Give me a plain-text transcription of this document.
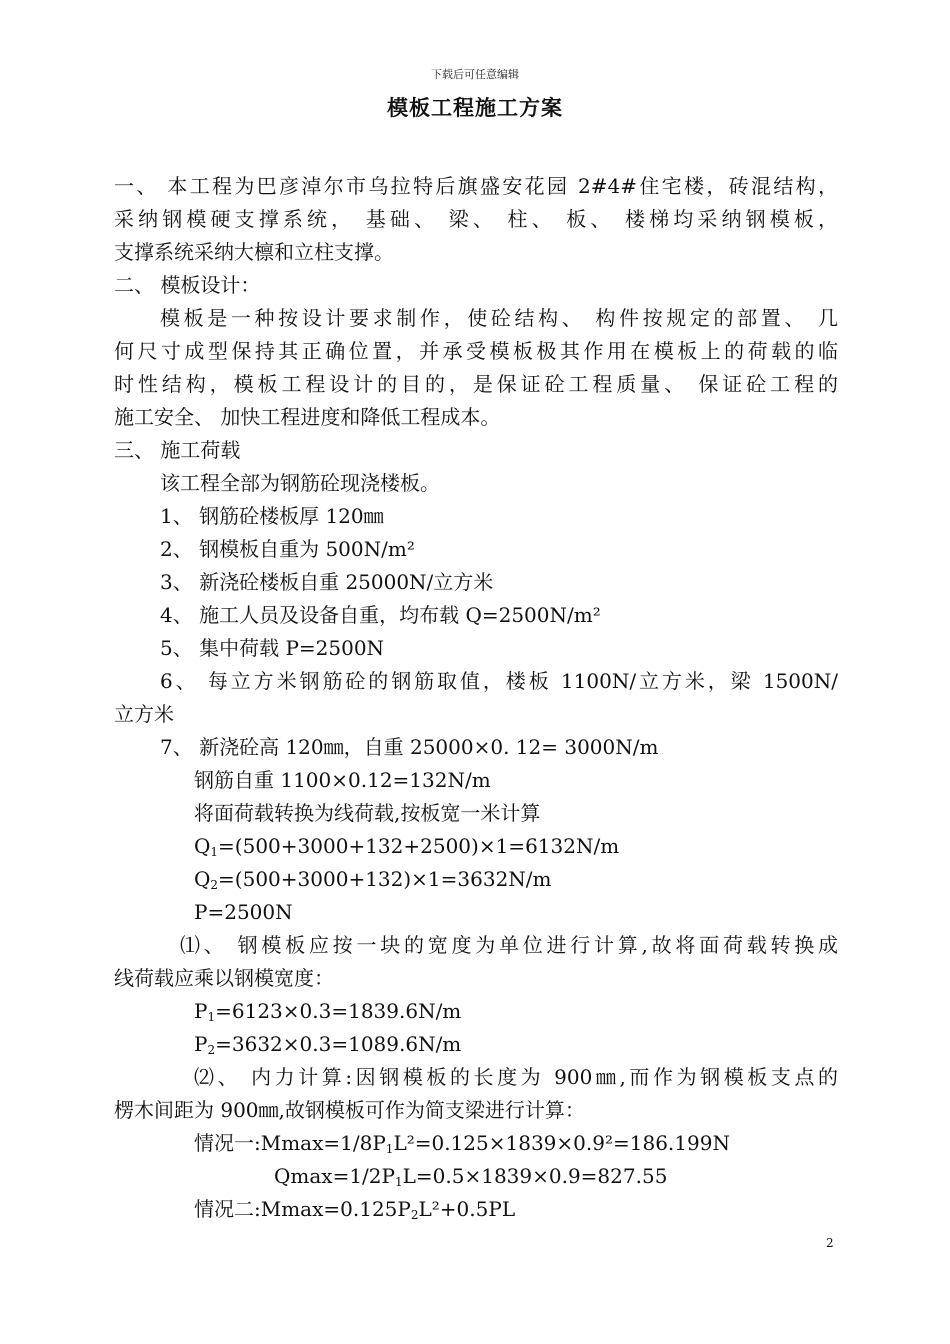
下载后可任意编辑
模板工程施工方案
一、 本工程为巴彦淖尔市乌拉特后旗盛安花园 2#4#住宅楼，砖混结构，
采纳钢模硬支撑系统， 基础、 梁、 柱、 板、 楼梯均采纳钢模板，
支撑系统采纳大檩和立柱支撑。
二、 模板设计：
模板是一种按设计要求制作，使砼结构、 构件按规定的部置、 几
何尺寸成型保持其正确位置，并承受模板极其作用在模板上的荷载的临
时性结构，模板工程设计的目的，是保证砼工程质量、 保证砼工程的
施工安全、 加快工程进度和降低工程成本。
三、 施工荷载
该工程全部为钢筋砼现浇楼板。
1、 钢筋砼楼板厚 120㎜
2、 钢模板自重为 500N/m²
3、 新浇砼楼板自重 25000N/立方米
4、 施工人员及设备自重，均布载 Q=2500N/m²
5、 集中荷载 P=2500N
6、 每立方米钢筋砼的钢筋取值，楼板 1100N/立方米，梁 1500N/
立方米
7、 新浇砼高 120㎜，自重 25000×0. 12= 3000N/m
钢筋自重 1100×0.12=132N/m
将面荷载转换为线荷载,按板宽一米计算
$Q_1=(500+3000+132+2500)\times 1=6132N/m$
$Q_2=(500+3000+132)\times 1=3632N/m$
P=2500N
⑴、 钢模板应按一块的宽度为单位进行计算,故将面荷载转换成
线荷载应乘以钢模宽度：
$P_1=6123\times 0.3=1839.6N/m$
$P_2=3632\times 0.3=1089.6N/m$
⑵、 内力计算:因钢模板的长度为 900㎜,而作为钢模板支点的
楞木间距为 900㎜,故钢模板可作为简支梁进行计算：
情况一$:Mmax=1/8P_1L^2=0.125\times 1839\times 0.9^2=186.199N$
$Qmax=1/2P_1L=0.5\times 1839\times 0.9=827.55$
情况二$:Mmax=0.125P_2L^2+0.5PL$
2
